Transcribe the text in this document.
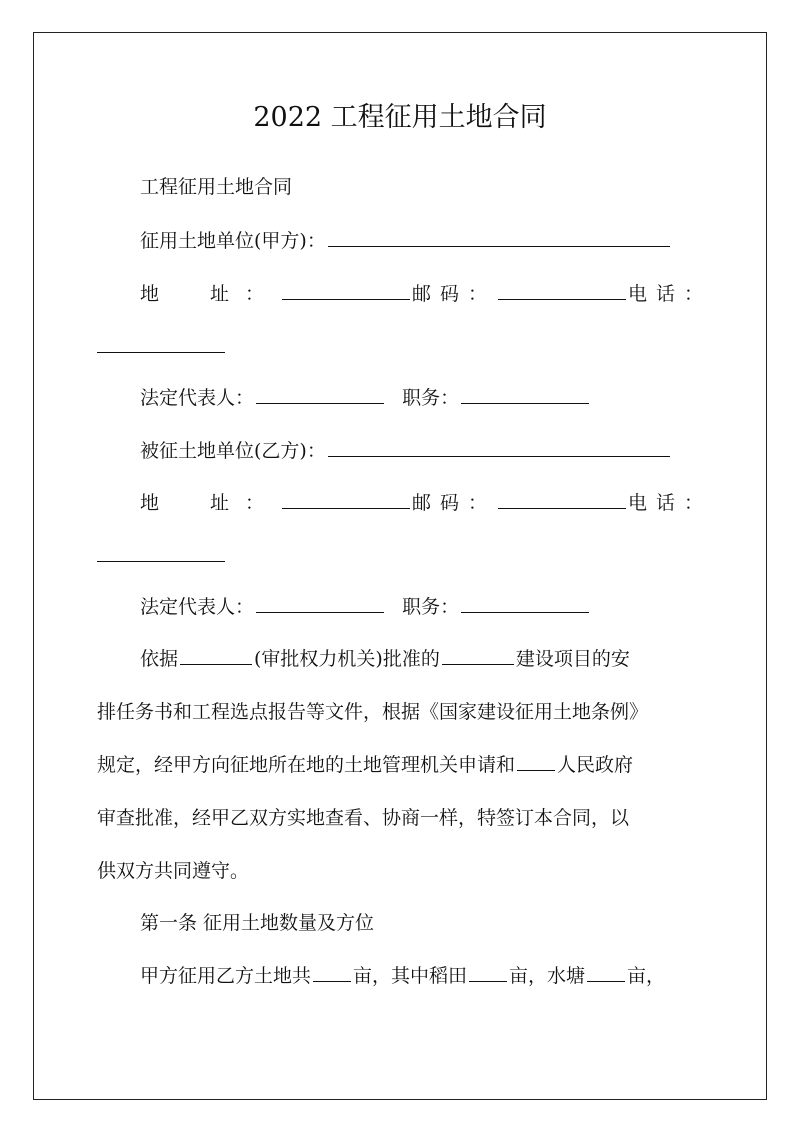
2022 工程征用土地合同
工程征用土地合同
征用土地单位(甲方)：
地　址：	邮码：	电话：
法定代表人：	职务：
被征土地单位(乙方)：
地　址：	邮码：	电话：
法定代表人：	职务：
依据	(审批权力机关)批准的	建设项目的安
排任务书和工程选点报告等文件，根据《国家建设征用土地条例》
规定，经甲方向征地所在地的土地管理机关申请和 人民政府
审查批准，经甲乙双方实地查看、协商一样，特签订本合同，以
供双方共同遵守。
第一条 征用土地数量及方位
甲方征用乙方土地共 亩，其中稻田 亩，水塘 亩，
